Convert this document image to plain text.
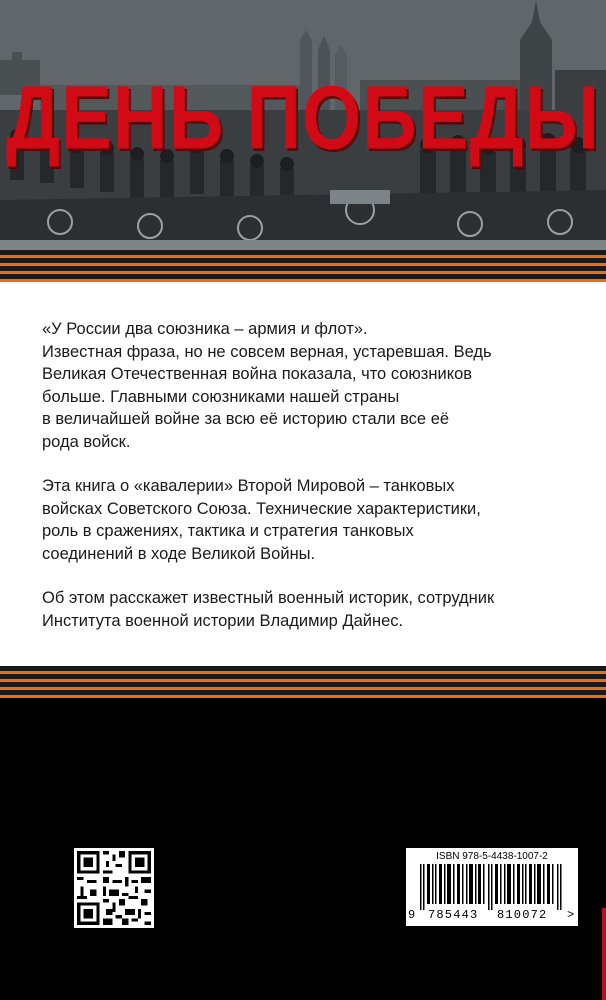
ДЕНЬ ПОБЕДЫ

«У России два союзника – армия и флот».
Известная фраза, но не совсем верная, устаревшая. Ведь
Великая Отечественная война показала, что союзников
больше. Главными союзниками нашей страны
в величайшей войне за всю её историю стали все её
рода войск.

Эта книга о «кавалерии» Второй Мировой – танковых
войсках Советского Союза. Технические характеристики,
роль в сражениях, тактика и стратегия танковых
соединений в ходе Великой Войны.

Об этом расскажет известный военный историк, сотрудник
Института военной истории Владимир Дайнес.

ISBN 978-5-4438-1007-2
9 785443 810072 >
